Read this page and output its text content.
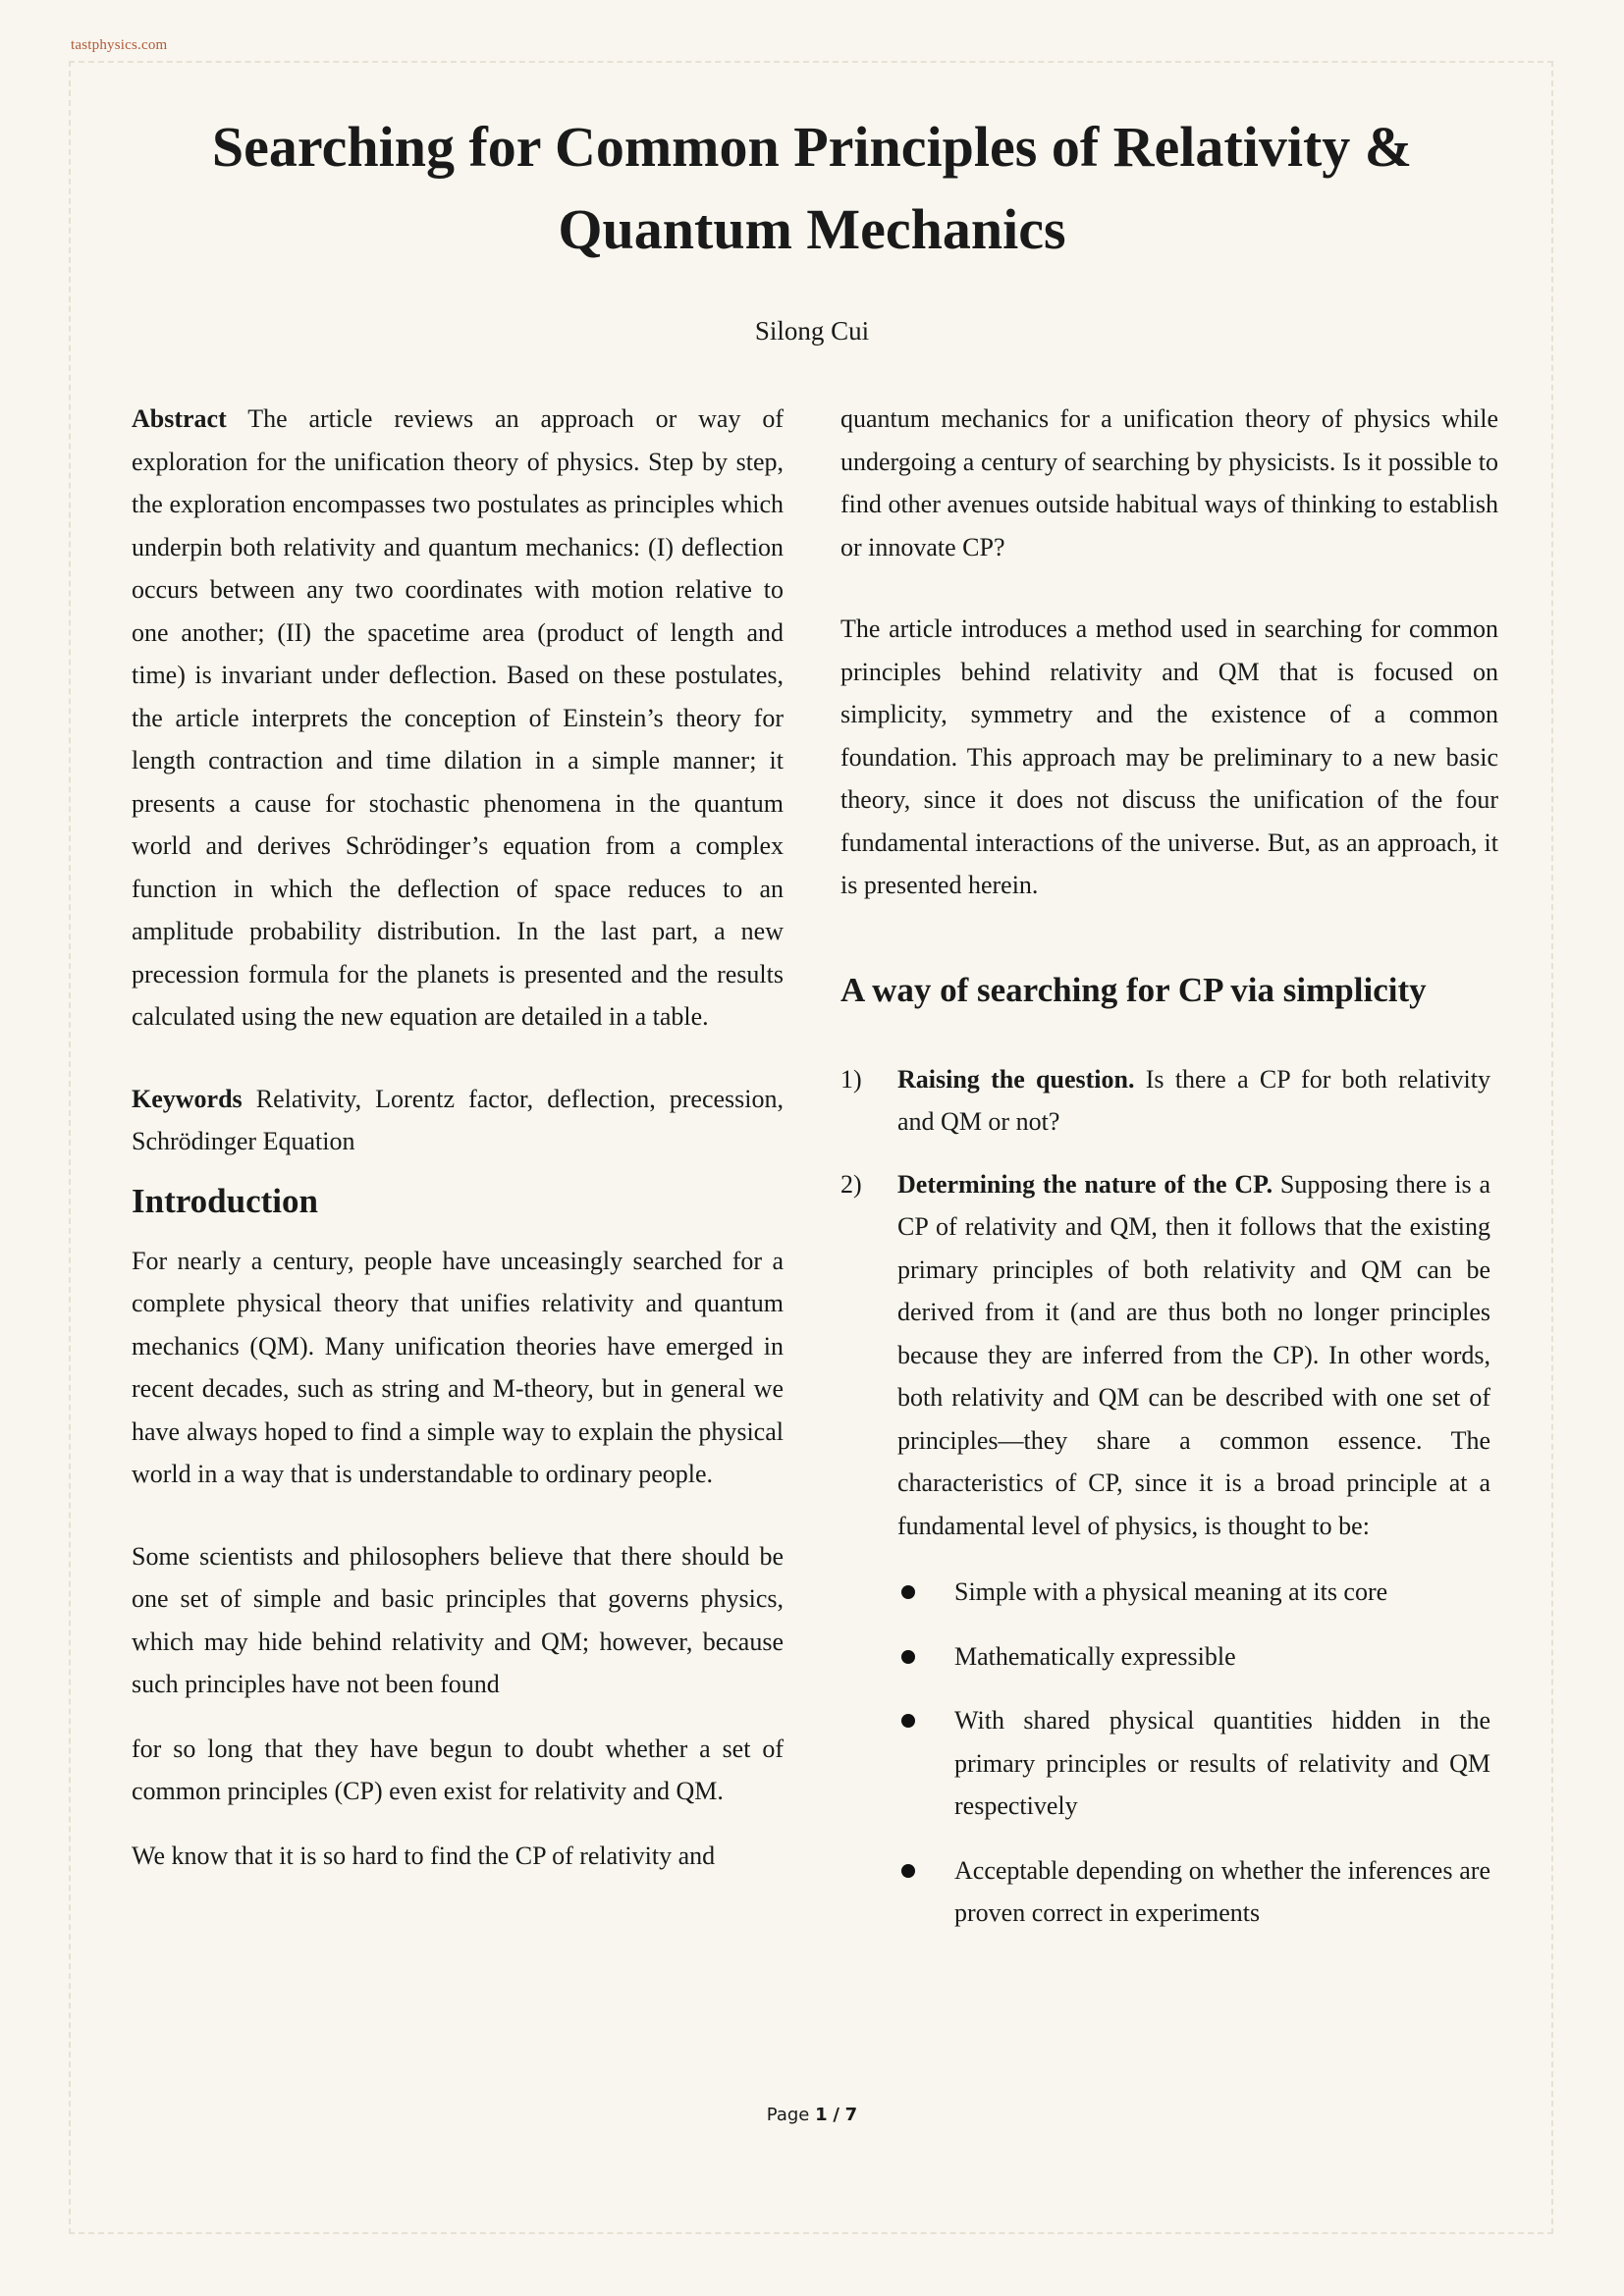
tastphysics.com
Searching for Common Principles of Relativity &
Quantum Mechanics
Silong Cui

Abstract The article reviews an approach or way of exploration for the unification theory of physics. Step by step, the exploration encompasses two postulates as principles which underpin both relativity and quantum mechanics: (I) deflection occurs between any two coordinates with motion relative to one another; (II) the spacetime area (product of length and time) is invariant under deflection. Based on these postulates, the article interprets the conception of Einstein’s theory for length contraction and time dilation in a simple manner; it presents a cause for stochastic phenomena in the quantum world and derives Schrödinger’s equation from a complex function in which the deflection of space reduces to an amplitude probability distribution. In the last part, a new precession formula for the planets is presented and the results calculated using the new equation are detailed in a table.

Keywords Relativity, Lorentz factor, deflection, precession, Schrödinger Equation

Introduction

For nearly a century, people have unceasingly searched for a complete physical theory that unifies relativity and quantum mechanics (QM). Many unification theories have emerged in recent decades, such as string and M-theory, but in general we have always hoped to find a simple way to explain the physical world in a way that is understandable to ordinary people.

Some scientists and philosophers believe that there should be one set of simple and basic principles that governs physics, which may hide behind relativity and QM; however, because such principles have not been found

for so long that they have begun to doubt whether a set of common principles (CP) even exist for relativity and QM.

We know that it is so hard to find the CP of relativity and

quantum mechanics for a unification theory of physics while undergoing a century of searching by physicists. Is it possible to find other avenues outside habitual ways of thinking to establish or innovate CP?

The article introduces a method used in searching for common principles behind relativity and QM that is focused on simplicity, symmetry and the existence of a common foundation. This approach may be preliminary to a new basic theory, since it does not discuss the unification of the four fundamental interactions of the universe. But, as an approach, it is presented herein.

A way of searching for CP via simplicity
1)	Raising the question. Is there a CP for both relativity and QM or not?

2)	Determining the nature of the CP. Supposing there is a CP of relativity and QM, then it follows that the existing primary principles of both relativity and QM can be derived from it (and are thus both no longer principles because they are inferred from the CP). In other words, both relativity and QM can be described with one set of principles—they share a common essence. The characteristics of CP, since it is a broad principle at a fundamental level of physics, is thought to be:

Simple with a physical meaning at its core

Mathematically expressible

With shared physical quantities hidden in the primary principles or results of relativity and QM respectively

Acceptable depending on whether the inferences are proven correct in experiments

Page 1 / 7
